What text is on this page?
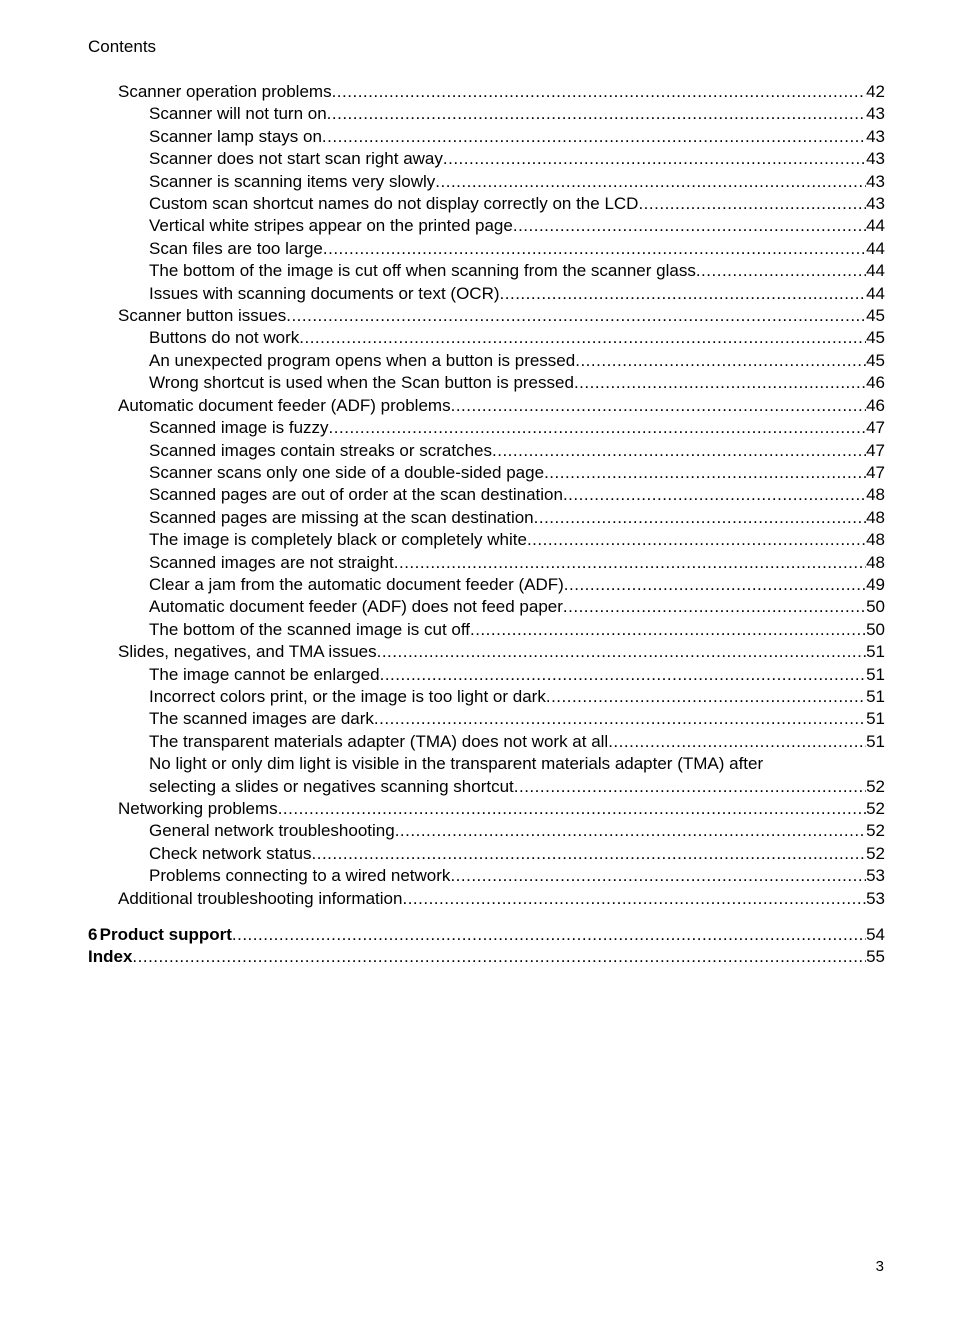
Contents
Scanner operation problems .....	42
Scanner will not turn on .....	43
Scanner lamp stays on .....	43
Scanner does not start scan right away .....	43
Scanner is scanning items very slowly .....	43
Custom scan shortcut names do not display correctly on the LCD .....	43
Vertical white stripes appear on the printed page .....	44
Scan files are too large .....	44
The bottom of the image is cut off when scanning from the scanner glass .....	44
Issues with scanning documents or text (OCR) .....	44
Scanner button issues .....	45
Buttons do not work .....	45
An unexpected program opens when a button is pressed .....	45
Wrong shortcut is used when the Scan button is pressed .....	46
Automatic document feeder (ADF) problems .....	46
Scanned image is fuzzy .....	47
Scanned images contain streaks or scratches .....	47
Scanner scans only one side of a double-sided page .....	47
Scanned pages are out of order at the scan destination .....	48
Scanned pages are missing at the scan destination .....	48
The image is completely black or completely white .....	48
Scanned images are not straight .....	48
Clear a jam from the automatic document feeder (ADF) .....	49
Automatic document feeder (ADF) does not feed paper .....	50
The bottom of the scanned image is cut off .....	50
Slides, negatives, and TMA issues .....	51
The image cannot be enlarged .....	51
Incorrect colors print, or the image is too light or dark .....	51
The scanned images are dark .....	51
The transparent materials adapter (TMA) does not work at all .....	51
No light or only dim light is visible in the transparent materials adapter (TMA) after
selecting a slides or negatives scanning shortcut .....	52
Networking problems .....	52
General network troubleshooting .....	52
Check network status .....	52
Problems connecting to a wired network .....	53
Additional troubleshooting information .....	53
6 Product support .....	54
Index .....	55
3
